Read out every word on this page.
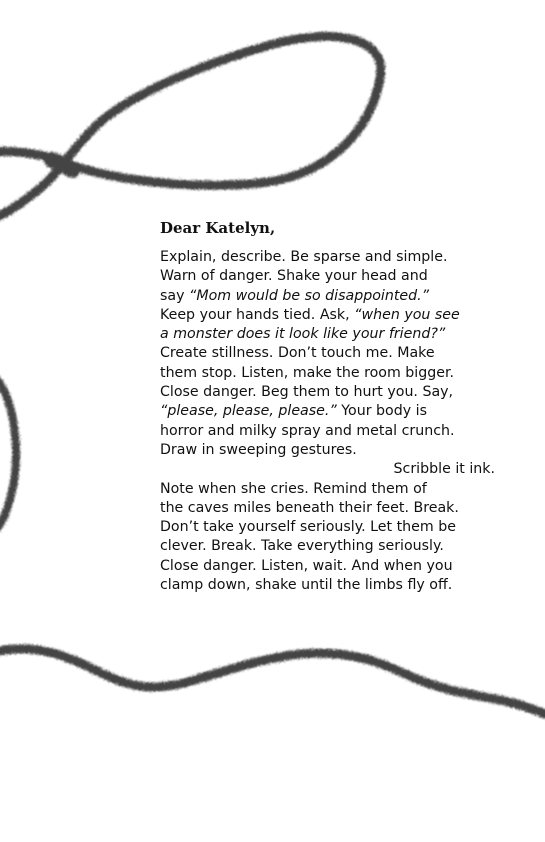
Dear Katelyn,

Explain, describe. Be sparse and simple.
Warn of danger. Shake your head and
say “Mom would be so disappointed.”
Keep your hands tied. Ask, “when you see
a monster does it look like your friend?”
Create stillness. Don’t touch me. Make
them stop. Listen, make the room bigger.
Close danger. Beg them to hurt you. Say,
“please, please, please.” Your body is
horror and milky spray and metal crunch.
Draw in sweeping gestures.
Scribble it ink.
Note when she cries. Remind them of
the caves miles beneath their feet. Break.
Don’t take yourself seriously. Let them be
clever. Break. Take everything seriously.
Close danger. Listen, wait. And when you
clamp down, shake until the limbs fly off.
